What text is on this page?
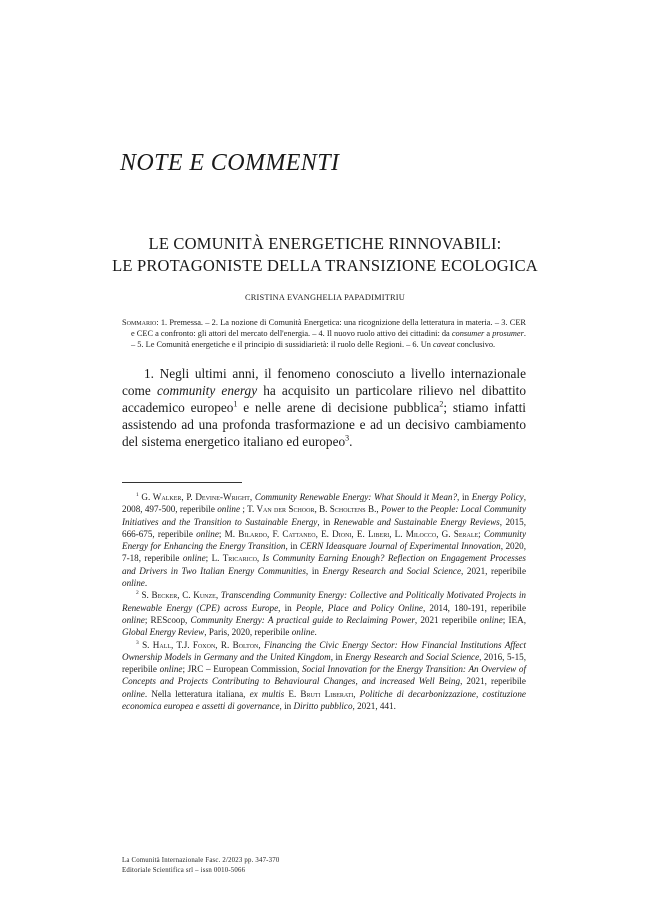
NOTE E COMMENTI
LE COMUNITÀ ENERGETICHE RINNOVABILI:
LE PROTAGONISTE DELLA TRANSIZIONE ECOLOGICA
CRISTINA EVANGHELIA PAPADIMITRIU
Sommario: 1. Premessa. – 2. La nozione di Comunità Energetica: una ricognizione della letteratura in materia. – 3. CER e CEC a confronto: gli attori del mercato dell'energia. – 4. Il nuovo ruolo attivo dei cittadini: da consumer a prosumer. – 5. Le Comunità energetiche e il principio di sussidiarietà: il ruolo delle Regioni. – 6. Un caveat conclusivo.

1. Negli ultimi anni, il fenomeno conosciuto a livello internazionale come community energy ha acquisito un particolare rilievo nel dibattito accademico europeo$^1$ e nelle arene di decisione pubblica$^2$; stiamo infatti assistendo ad una profonda trasformazione e ad un decisivo cambiamento del sistema energetico italiano ed europeo$^3$.

$^1$ G. Walker, P. Devine-Wright, Community Renewable Energy: What Should it Mean?, in Energy Policy, 2008, 497-500, reperibile online ; T. Van der Schoor, B. Scholtens B., Power to the People: Local Community Initiatives and the Transition to Sustainable Energy, in Renewable and Sustainable Energy Reviews, 2015, 666-675, reperibile online; M. Bilardo, F. Cattaneo, E. Dioni, E. Liberi, L. Milocco, G. Serale; Community Energy for Enhancing the Energy Transition, in CERN Ideasquare Journal of Experimental Innovation, 2020, 7-18, reperibile online; L. Tricarico, Is Community Earning Enough? Reflection on Engagement Processes and Drivers in Two Italian Energy Communities, in Energy Research and Social Science, 2021, reperibile online.

$^2$ S. Becker, C. Kunze, Transcending Community Energy: Collective and Politically Motivated Projects in Renewable Energy (CPE) across Europe, in People, Place and Policy Online, 2014, 180-191, reperibile online; REScoop, Community Energy: A practical guide to Reclaiming Power, 2021 reperibile online; IEA, Global Energy Review, Paris, 2020, reperibile online.

$^3$ S. Hall, T.J. Foxon, R. Bolton, Financing the Civic Energy Sector: How Financial Institutions Affect Ownership Models in Germany and the United Kingdom, in Energy Research and Social Science, 2016, 5-15, reperibile online; JRC – European Commission, Social Innovation for the Energy Transition: An Overview of Concepts and Projects Contributing to Behavioural Changes, and increased Well Being, 2021, reperibile online. Nella letteratura italiana, ex multis E. Bruti Liberati, Politiche di decarbonizzazione, costituzione economica europea e assetti di governance, in Diritto pubblico, 2021, 441.

La Comunità Internazionale Fasc. 2/2023 pp. 347-370
Editoriale Scientifica srl – issn 0010-5066
